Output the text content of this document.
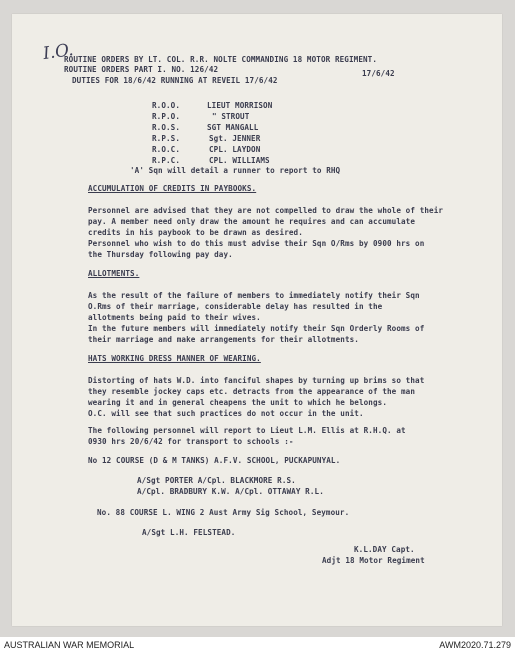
I.O.
ROUTINE ORDERS BY LT. COL. R.R. NOLTE COMMANDING 18 MOTOR REGIMENT.
ROUTINE ORDERS PART I. NO. 126/42	17/6/42
DUTIES FOR 18/6/42 RUNNING AT REVEIL 17/6/42
R.O.O.	LIEUT MORRISON
R.P.O.	" STROUT
R.O.S.	SGT MANGALL
R.P.S.	Sgt. JENNER
R.O.C.	CPL. LAYDON
R.P.C.	CPL. WILLIAMS
'A' Sqn will detail a runner to report to RHQ
ACCUMULATION OF CREDITS IN PAYBOOKS.
Personnel are advised that they are not compelled to draw the whole of their
pay. A member need only draw the amount he requires and can accumulate
credits in his paybook to be drawn as desired.
Personnel who wish to do this must advise their Sqn O/Rms by 0900 hrs on
the Thursday following pay day.
ALLOTMENTS.
As the result of the failure of members to immediately notify their Sqn
O.Rms of their marriage, considerable delay has resulted in the
allotments being paid to their wives.
In the future members will immediately notify their Sqn Orderly Rooms of
their marriage and make arrangements for their allotments.
HATS WORKING DRESS MANNER OF WEARING.
Distorting of hats W.D. into fanciful shapes by turning up brims so that
they resemble jockey caps etc. detracts from the appearance of the man
wearing it and in general cheapens the unit to which he belongs.
O.C. will see that such practices do not occur in the unit.
The following personnel will report to Lieut L.M. Ellis at R.H.Q. at
0930 hrs 20/6/42 for transport to schools :-
No 12 COURSE (D & M TANKS) A.F.V. SCHOOL, PUCKAPUNYAL.
A/Sgt PORTER A/Cpl. BLACKMORE R.S.
A/Cpl. BRADBURY K.W. A/Cpl. OTTAWAY R.L.
No. 88 COURSE L. WING 2 Aust Army Sig School, Seymour.
A/Sgt L.H. FELSTEAD.
K.L.DAY Capt.
Adjt 18 Motor Regiment
AUSTRALIAN WAR MEMORIAL	AWM2020.71.279
